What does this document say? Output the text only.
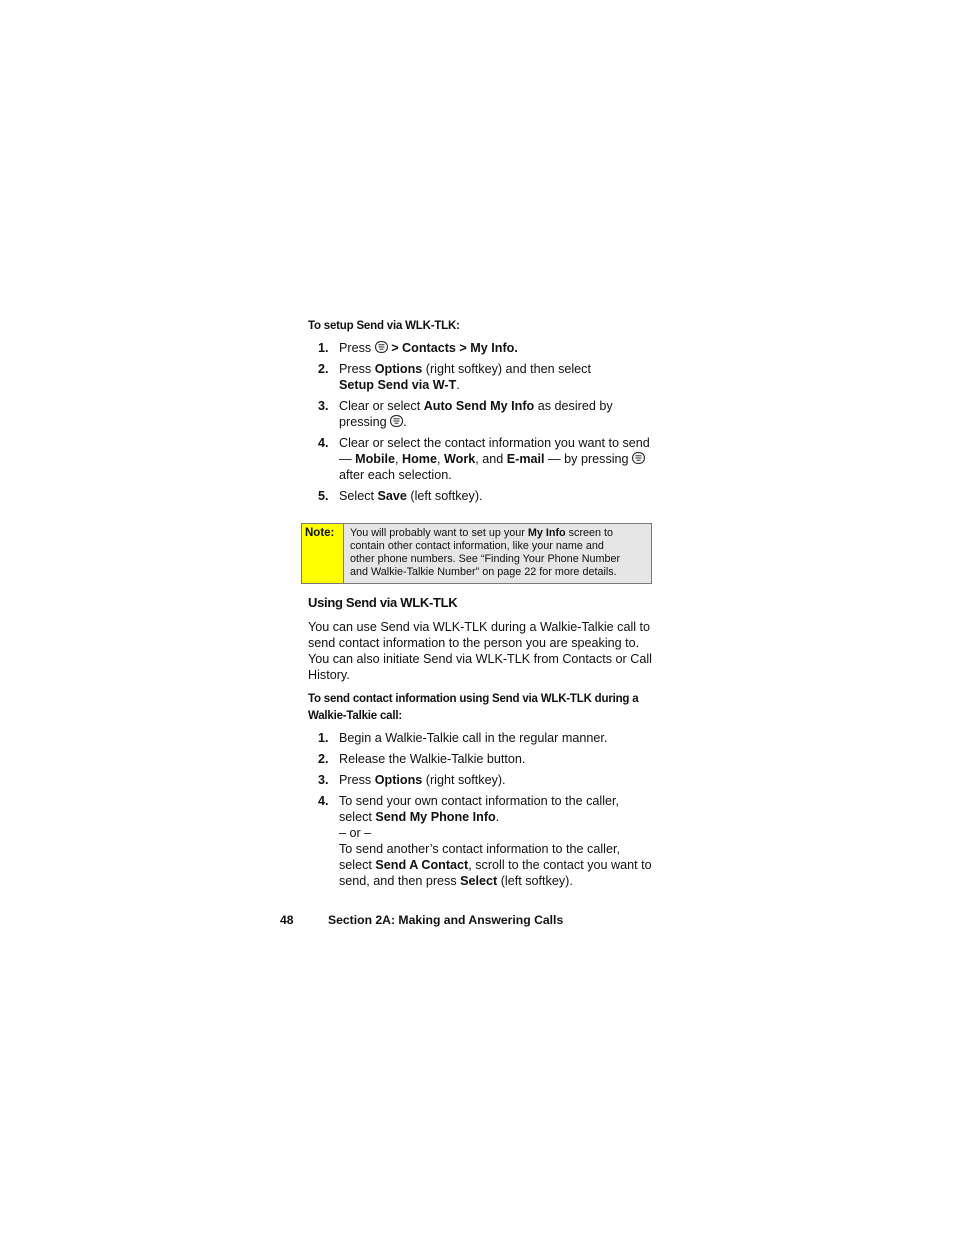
To setup Send via WLK-TLK:
1. Press
> Contacts > My Info.
2. Press Options (right softkey) and then select
Setup Send via W-T.
3. Clear or select Auto Send My Info as desired by
pressing
.
4. Clear or select the contact information you want to send
— Mobile, Home, Work, and E-mail — by pressing

after each selection.
5. Select Save (left softkey).
Note:	You will probably want to set up your My Info screen to
contain other contact information, like your name and
other phone numbers. See “Finding Your Phone Number
and Walkie-Talkie Number” on page 22 for more details.
Using Send via WLK-TLK
You can use Send via WLK-TLK during a Walkie-Talkie call to
send contact information to the person you are speaking to.
You can also initiate Send via WLK-TLK from Contacts or Call
History.
To send contact information using Send via WLK-TLK during a
Walkie-Talkie call:
1. Begin a Walkie-Talkie call in the regular manner.
2. Release the Walkie-Talkie button.
3. Press Options (right softkey).
4. To send your own contact information to the caller,
select Send My Phone Info.
– or –
To send another’s contact information to the caller,
select Send A Contact, scroll to the contact you want to
send, and then press Select (left softkey).
48	Section 2A: Making and Answering Calls
